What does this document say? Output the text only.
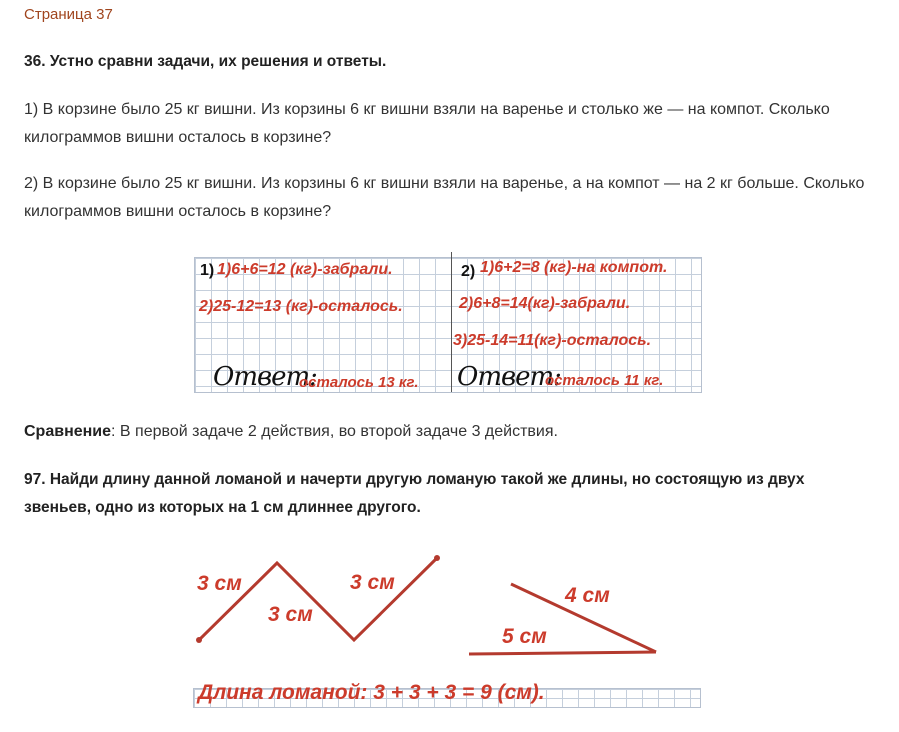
Страница 37
36. Устно сравни задачи, их решения и ответы.
1) В корзине было 25 кг вишни. Из корзины 6 кг вишни взяли на варенье и столько же — на компот. Сколько килограммов вишни осталось в корзине?
2) В корзине было 25 кг вишни. Из корзины 6 кг вишни взяли на варенье, а на компот — на 2 кг больше. Сколько килограммов вишни осталось в корзине?
1) 1)6+6=12 (кг)-забрали.
2)25-12=13 (кг)-осталось.
Ответ:
осталось 13 кг.
2) 1)6+2=8 (кг)-на компот.
2)6+8=14(кг)-забрали.
3)25-14=11(кг)-осталось.
Ответ:
осталось 11 кг.
Сравнение: В первой задаче 2 действия, во второй задаче 3 действия.
97. Найди длину данной ломаной и начерти другую ломаную такой же длины, но состоящую из двух звеньев, одно из которых на 1 см длиннее другого.
3 см
3 см
3 см
4 см
5 см
Длина ломаной: 3 + 3 + 3 = 9 (см).
